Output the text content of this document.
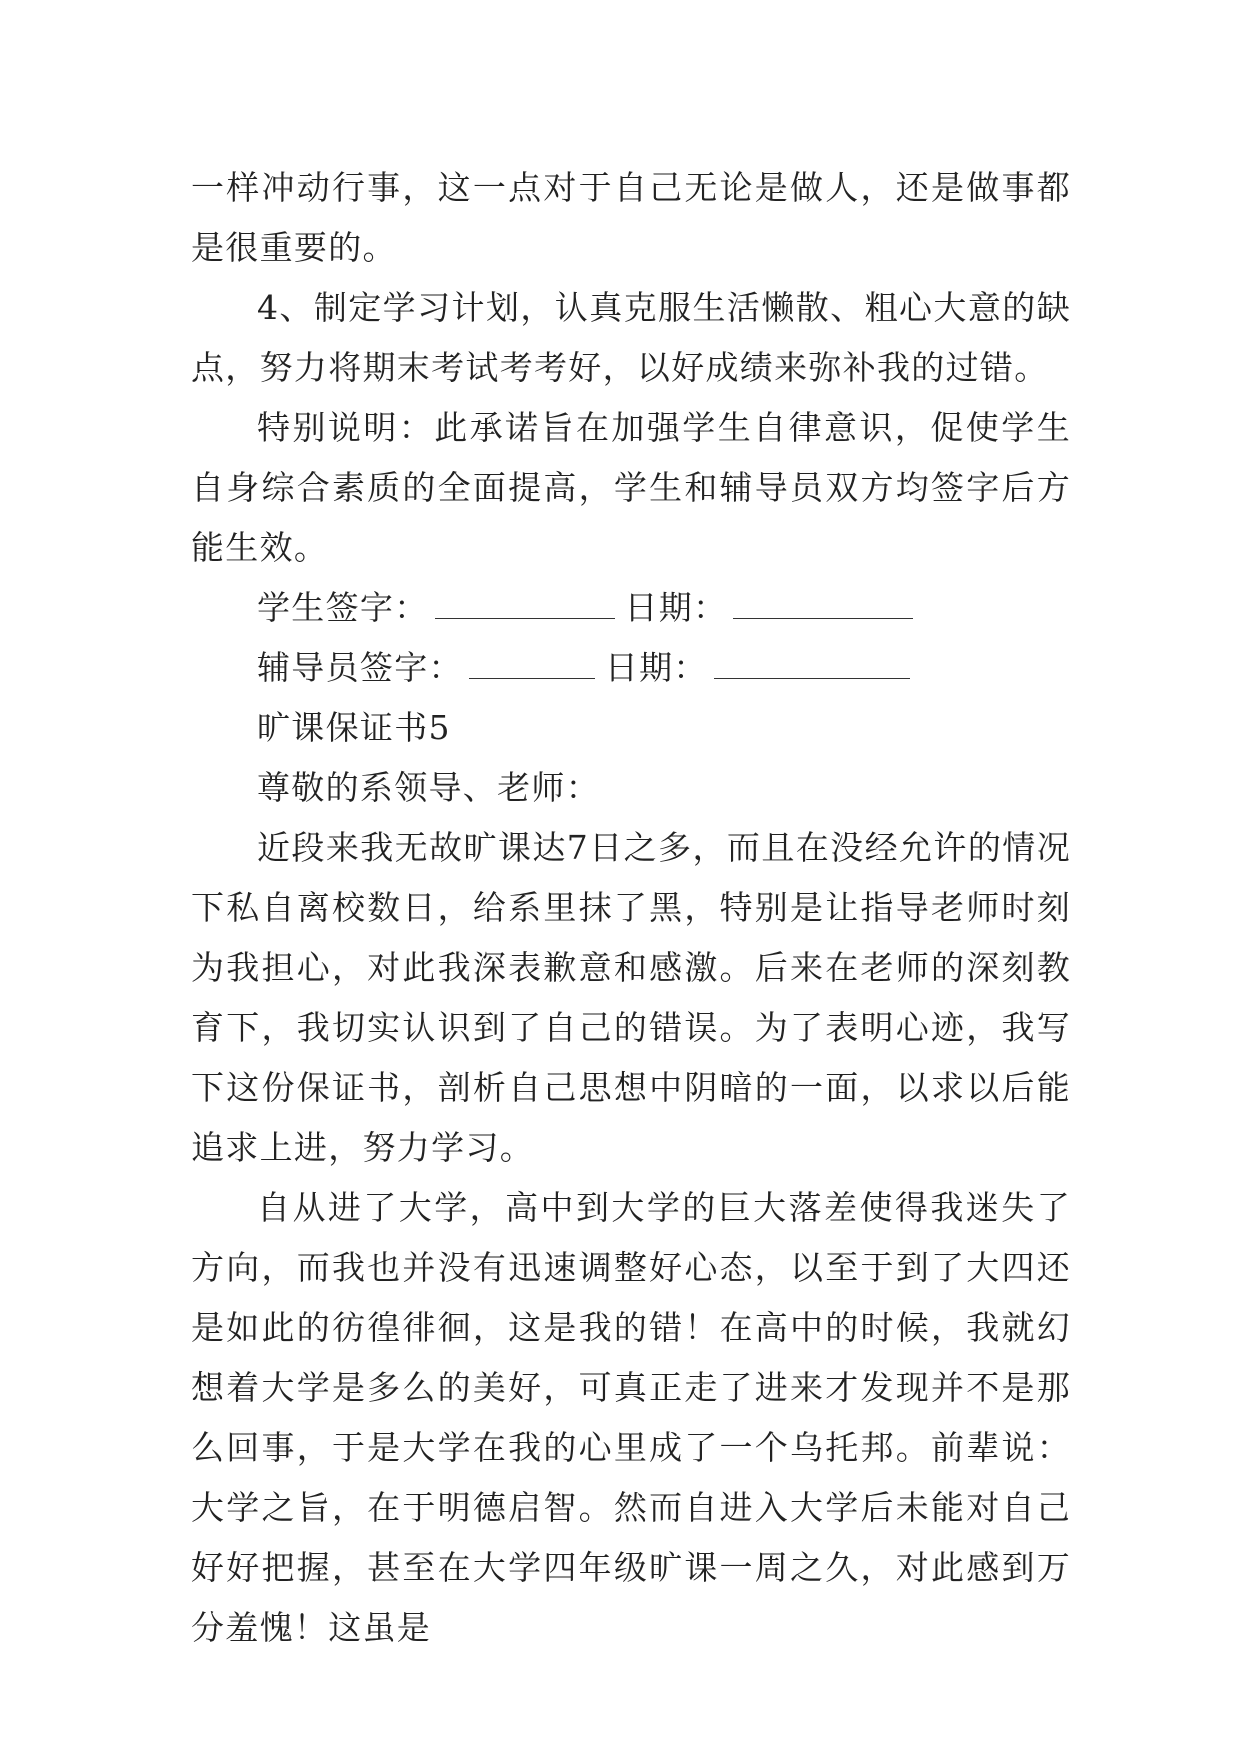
一样冲动行事，这一点对于自己无论是做人，还是做事都是很重要的。

4、制定学习计划，认真克服生活懒散、粗心大意的缺点，努力将期末考试考考好，以好成绩来弥补我的过错。

特别说明：此承诺旨在加强学生自律意识，促使学生自身综合素质的全面提高，学生和辅导员双方均签字后方能生效。

学生签字：	日期：

辅导员签字：	日期：

旷课保证书5

尊敬的系领导、老师：

近段来我无故旷课达7日之多，而且在没经允许的情况下私自离校数日，给系里抹了黑，特别是让指导老师时刻为我担心，对此我深表歉意和感激。后来在老师的深刻教育下，我切实认识到了自己的错误。为了表明心迹，我写下这份保证书，剖析自己思想中阴暗的一面，以求以后能追求上进，努力学习。

自从进了大学，高中到大学的巨大落差使得我迷失了方向，而我也并没有迅速调整好心态，以至于到了大四还是如此的彷徨徘徊，这是我的错！在高中的时候，我就幻想着大学是多么的美好，可真正走了进来才发现并不是那么回事，于是大学在我的心里成了一个乌托邦。前辈说：大学之旨，在于明德启智。然而自进入大学后未能对自己好好把握，甚至在大学四年级旷课一周之久，对此感到万分羞愧！这虽是
